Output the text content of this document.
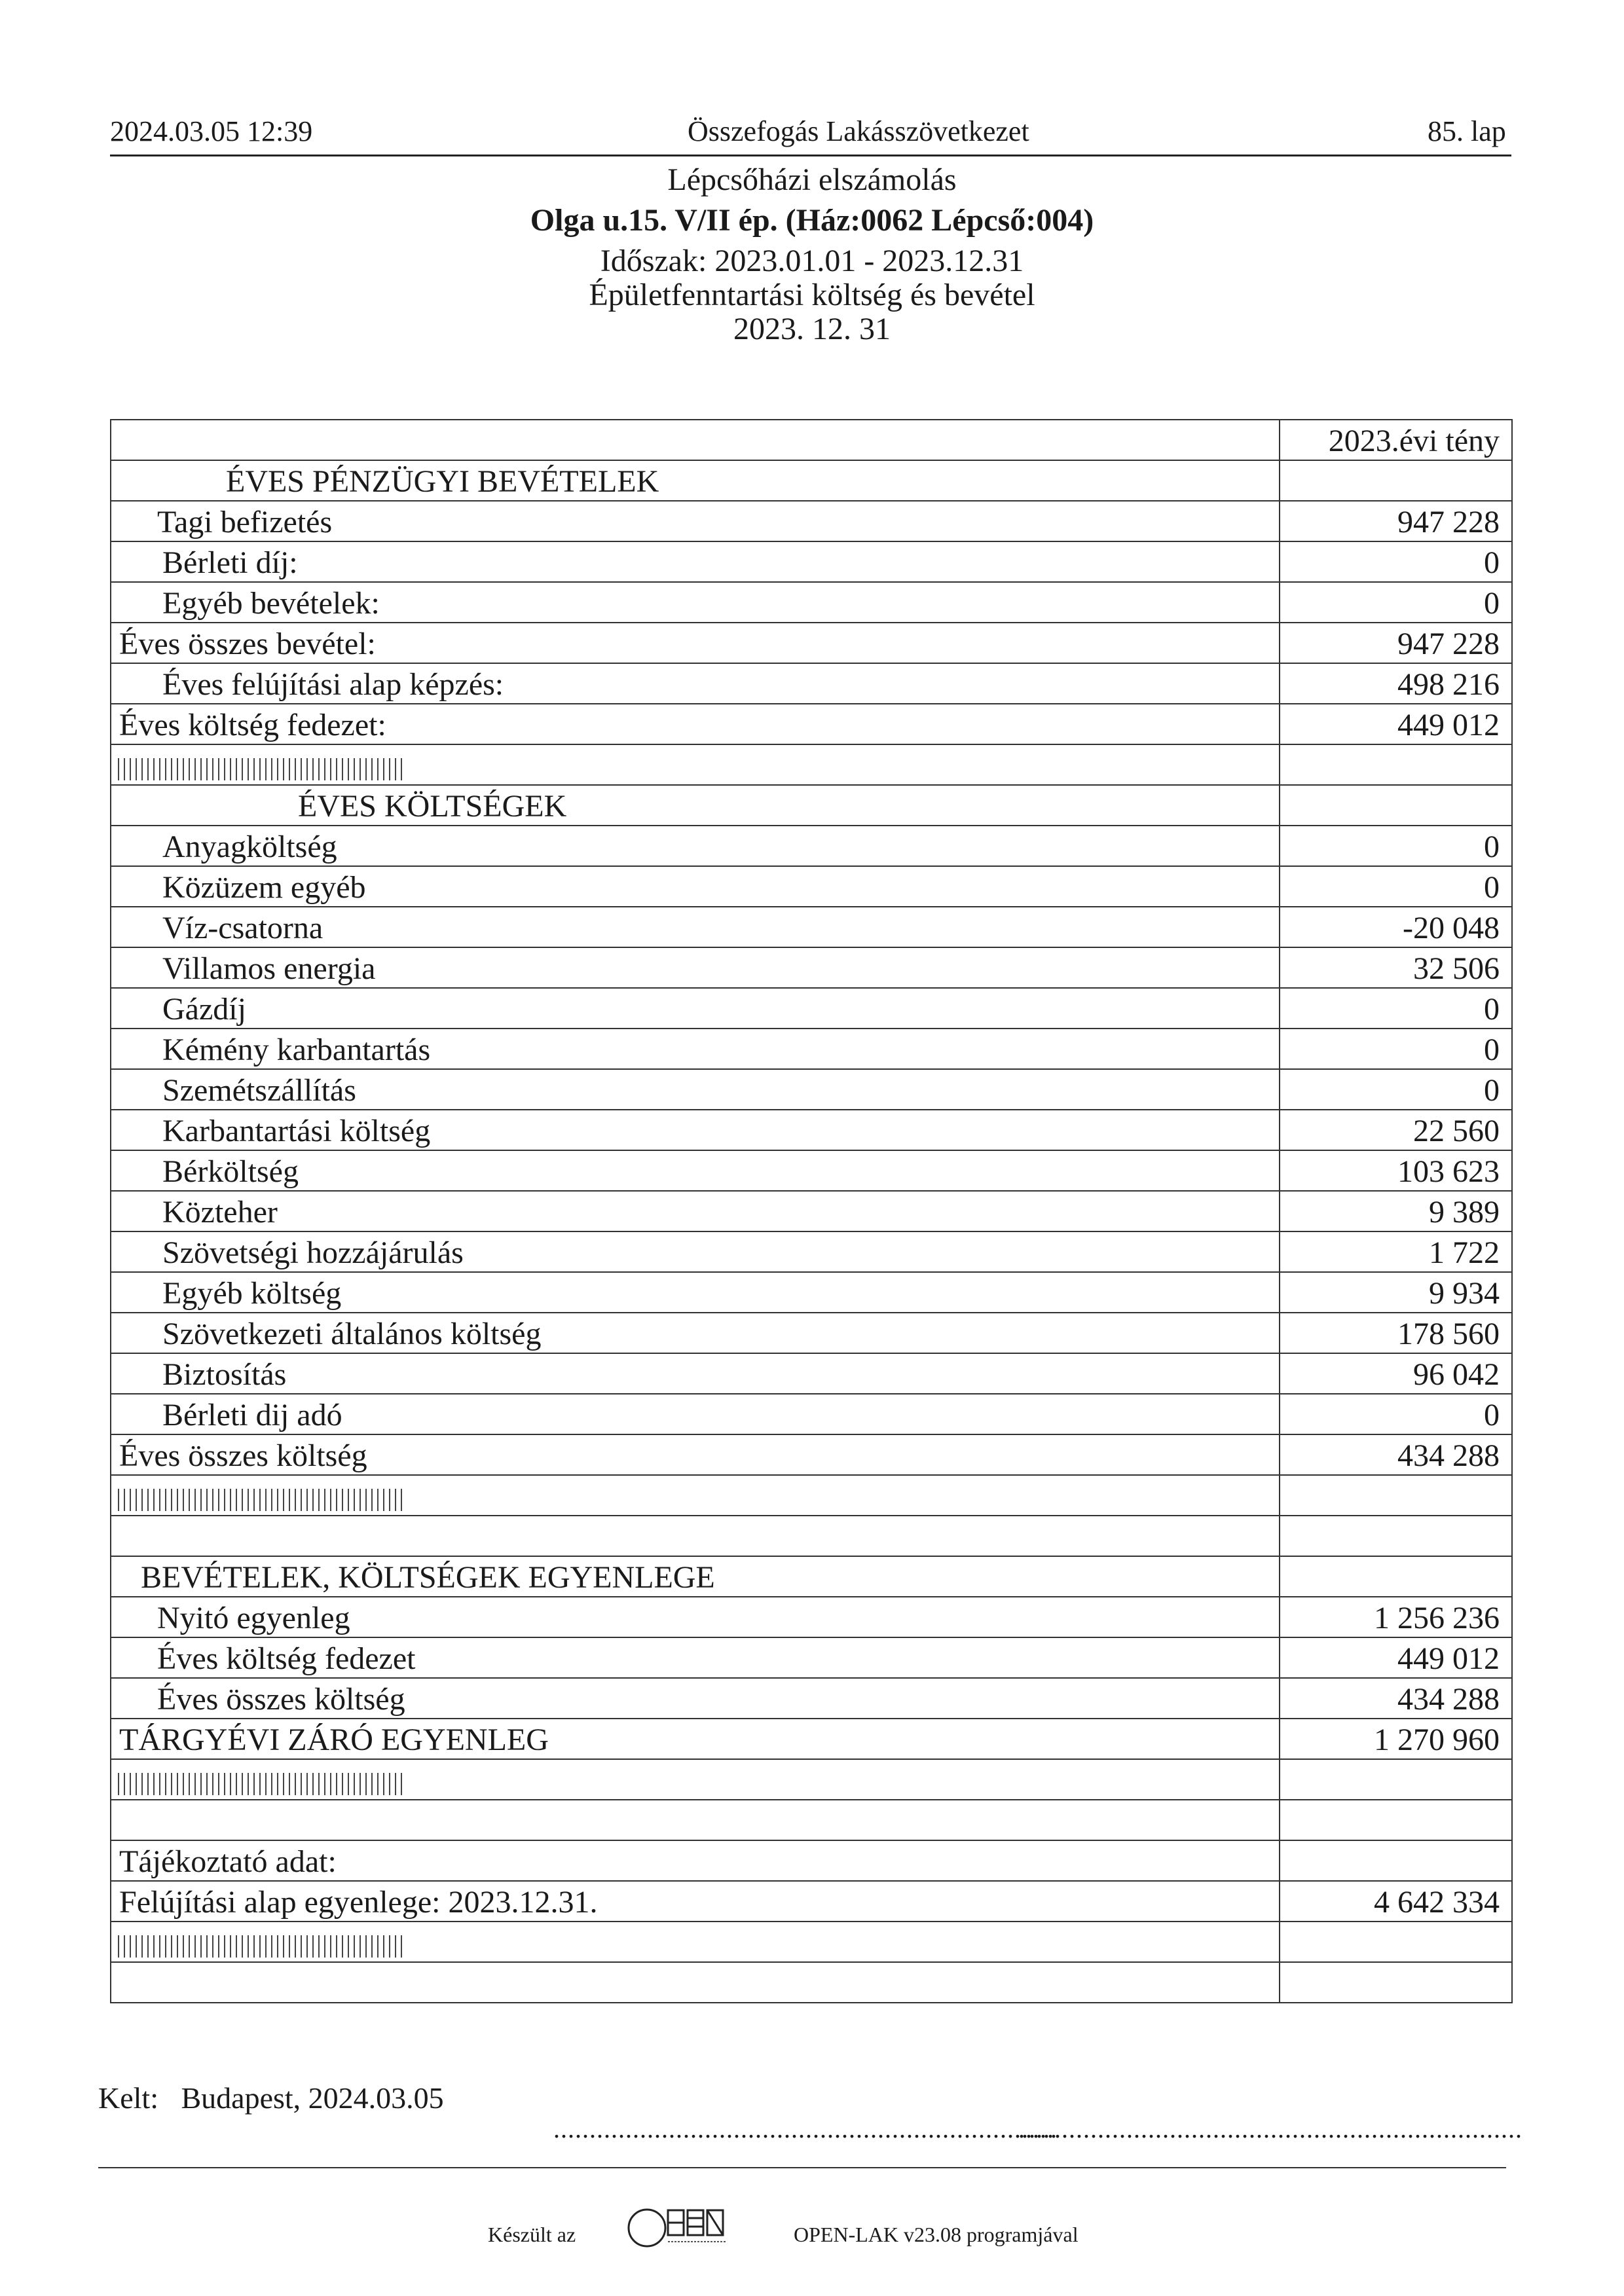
2024.03.05 12:39	Összefogás Lakásszövetkezet	85. lap
Lépcsőházi elszámolás
Olga u.15. V/II ép. (Ház:0062 Lépcső:004)
Időszak: 2023.01.01 - 2023.12.31
Épületfenntartási költség és bevétel
2023. 12. 31
	2023.évi tény
ÉVES PÉNZÜGYI BEVÉTELEK	
Tagi befizetés	947 228
Bérleti díj:	0
Egyéb bevételek:	0
Éves összes bevétel:	947 228
Éves felújítási alap képzés:	498 216
Éves költség fedezet:	449 012

ÉVES KÖLTSÉGEK	
Anyagköltség	0
Közüzem egyéb	0
Víz-csatorna	-20 048
Villamos energia	32 506
Gázdíj	0
Kémény karbantartás	0
Szemétszállítás	0
Karbantartási költség	22 560
Bérköltség	103 623
Közteher	9 389
Szövetségi hozzájárulás	1 722
Egyéb költség	9 934
Szövetkezeti általános költség	178 560
Biztosítás	96 042
Bérleti dij adó	0
Éves összes költség	434 288

BEVÉTELEK, KÖLTSÉGEK EGYENLEGE	
Nyitó egyenleg	1 256 236
Éves költség fedezet	449 012
Éves összes költség	434 288
TÁRGYÉVI ZÁRÓ EGYENLEG	1 270 960

Tájékoztató adat:	
Felújítási alap egyenlege: 2023.12.31.	4 642 334

Kelt: Budapest, 2024.03.05
......................................................................
......................................................................
Készült az	OPEN-LAK v23.08 programjával
